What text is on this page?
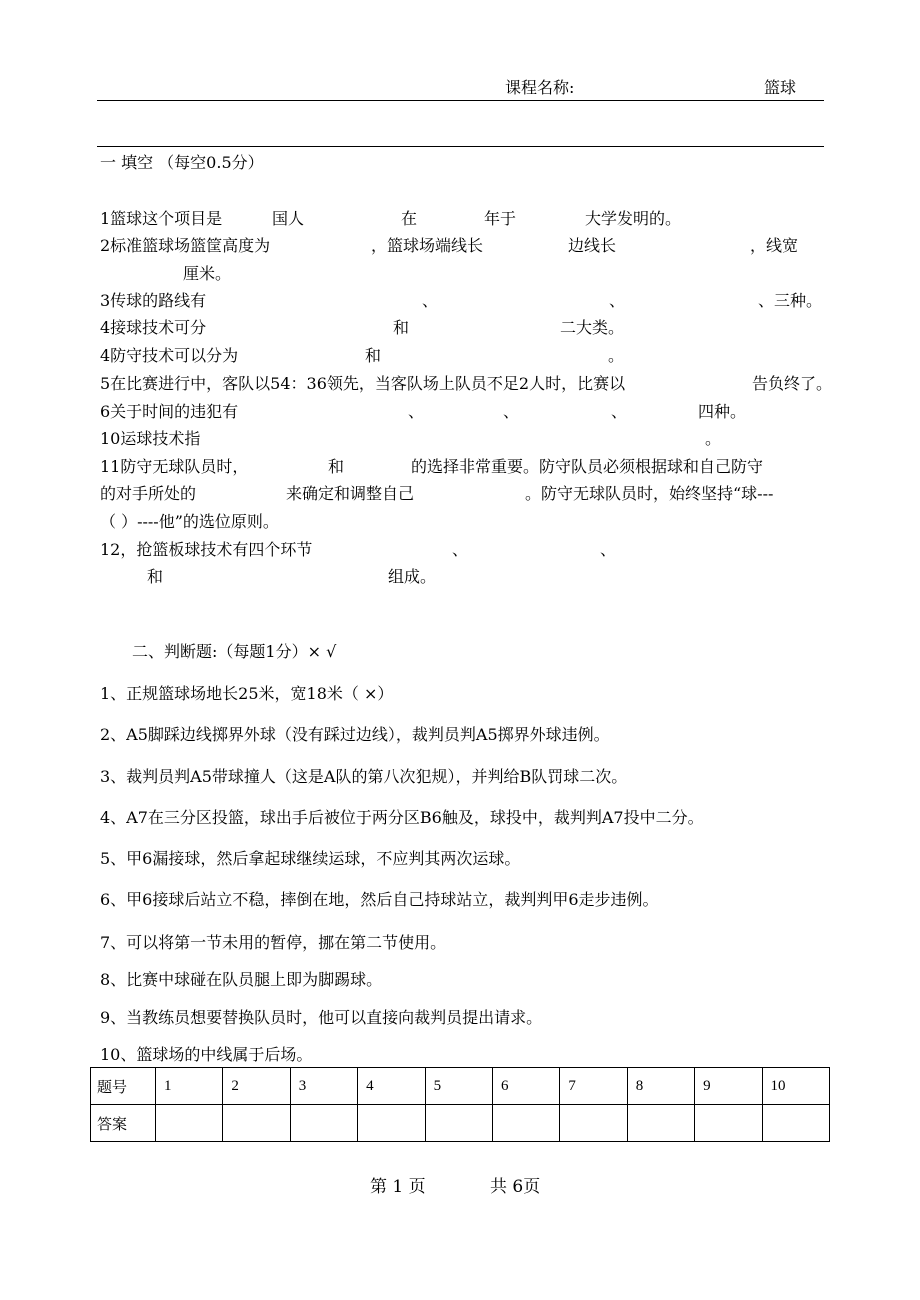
课程名称:	篮球
一 填空 （每空0.5分）
1篮球这个项目是	国人	在	年于	大学发明的。
2标准篮球场篮筐高度为	，篮球场端线长	边线长	，线宽
厘米。
3传球的路线有	、	、	、三种。
4接球技术可分	和	二大类。
4防守技术可以分为	和	。
5在比赛进行中，客队以54：36领先，当客队场上队员不足2人时，比赛以	告负终了。
6关于时间的违犯有	、	、	、	四种。
10运球技术指	。
11防守无球队员时，	和	的选择非常重要。防守队员必须根据球和自己防守
的对手所处的	来确定和调整自己	。防守无球队员时，始终坚持“球---
（ ）----他”的选位原则。
12，抢篮板球技术有四个环节	、	、
和	组成。
二、判断题:（每题1分）× √
1、正规篮球场地长25米，宽18米（ ×）
2、A5脚踩边线掷界外球（没有踩过边线），裁判员判A5掷界外球违例。
3、裁判员判A5带球撞人（这是A队的第八次犯规），并判给B队罚球二次。
4、A7在三分区投篮，球出手后被位于两分区B6触及，球投中，裁判判A7投中二分。
5、甲6漏接球，然后拿起球继续运球，不应判其两次运球。
6、甲6接球后站立不稳，摔倒在地，然后自己持球站立，裁判判甲6走步违例。
7、可以将第一节未用的暂停，挪在第二节使用。
8、比赛中球碰在队员腿上即为脚踢球。
9、当教练员想要替换队员时，他可以直接向裁判员提出请求。
10、篮球场的中线属于后场。
题号	1	2	3	4	5	6	7	8	9	10
答案										
第 1 页	共 6页
